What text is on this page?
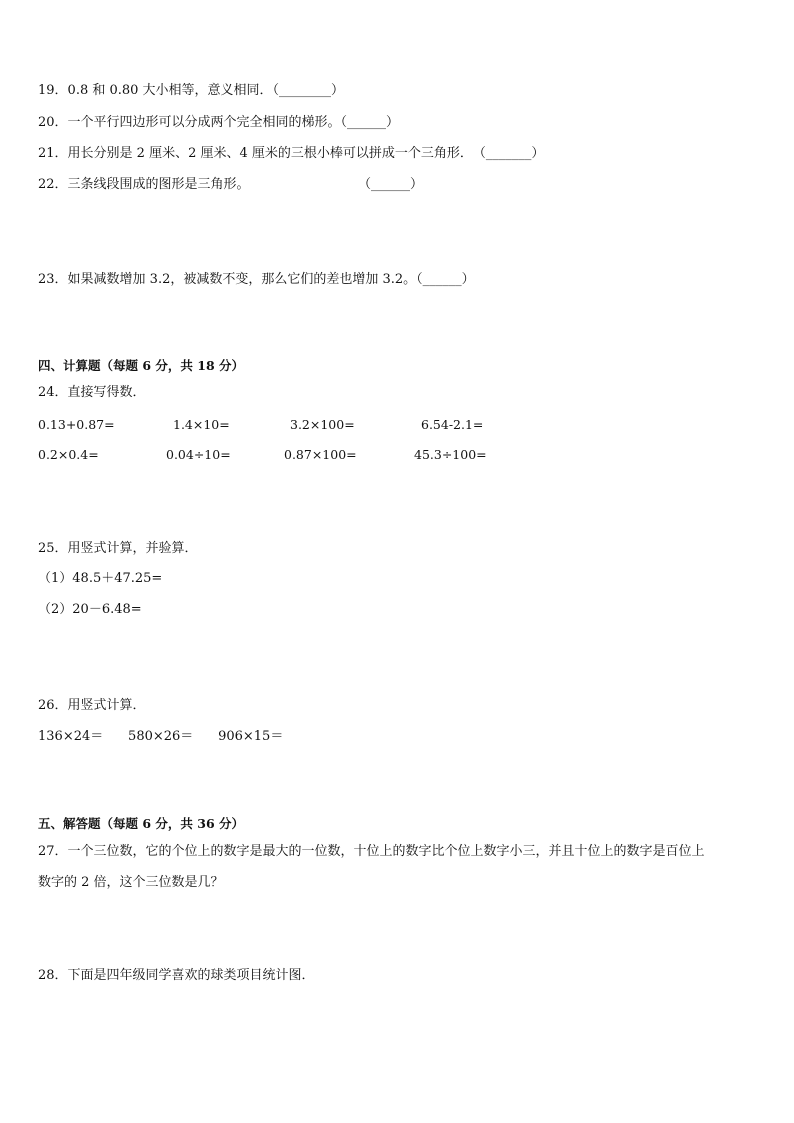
19．0.8 和 0.80 大小相等，意义相同．（________）
20．一个平行四边形可以分成两个完全相同的梯形。（______）
21．用长分别是 2 厘米、2 厘米、4 厘米的三根小棒可以拼成一个三角形．　（_______）
22．三条线段围成的图形是三角形。	（______）
23．如果减数增加 3.2，被减数不变，那么它们的差也增加 3.2。（______）
四、计算题（每题 6 分，共 18 分）
24．直接写得数．
0.13+0.87=	1.4×10=	3.2×100=	6.54-2.1=
0.2×0.4=	0.04÷10=	0.87×100=	45.3÷100=
25．用竖式计算，并验算．
（1）48.5＋47.25=
（2）20－6.48=
26．用竖式计算．
136×24＝      580×26＝      906×15＝
五、解答题（每题 6 分，共 36 分）
27．一个三位数，它的个位上的数字是最大的一位数，十位上的数字比个位上数字小三，并且十位上的数字是百位上
数字的 2 倍，这个三位数是几？
28．下面是四年级同学喜欢的球类项目统计图．
